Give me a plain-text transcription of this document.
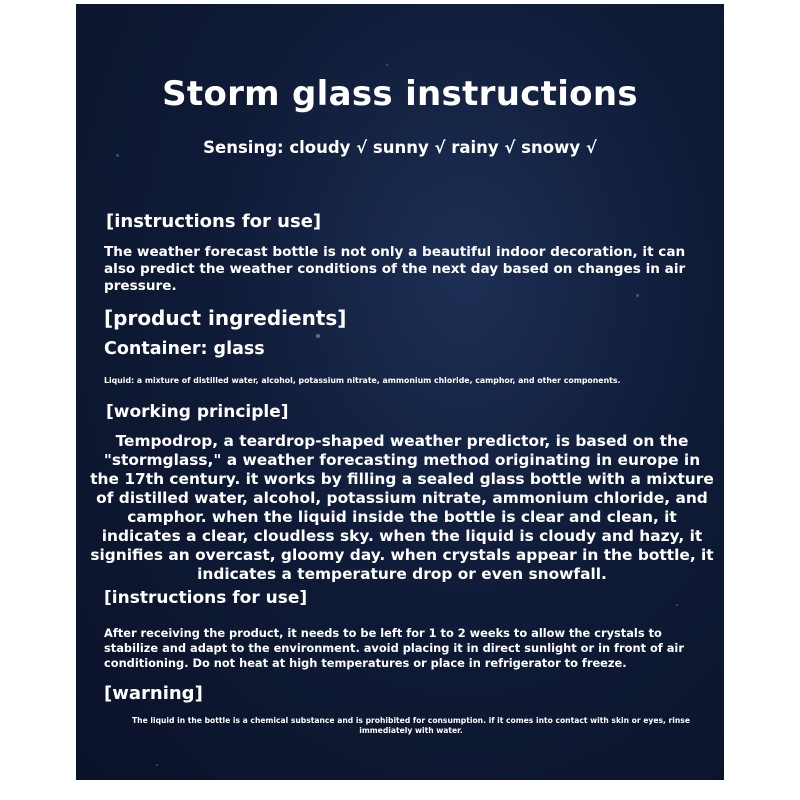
Storm glass instructions
Sensing: cloudy √ sunny √ rainy √ snowy √
[instructions for use]
The weather forecast bottle is not only a beautiful indoor decoration, it can also predict the weather conditions of the next day based on changes in air pressure.
[product ingredients]
Container: glass
Liquid: a mixture of distilled water, alcohol, potassium nitrate, ammonium chloride, camphor, and other components.
[working principle]
Tempodrop, a teardrop-shaped weather predictor, is based on the "stormglass," a weather forecasting method originating in europe in the 17th century. it works by filling a sealed glass bottle with a mixture of distilled water, alcohol, potassium nitrate, ammonium chloride, and camphor. when the liquid inside the bottle is clear and clean, it indicates a clear, cloudless sky. when the liquid is cloudy and hazy, it signifies an overcast, gloomy day. when crystals appear in the bottle, it indicates a temperature drop or even snowfall.
[instructions for use]
After receiving the product, it needs to be left for 1 to 2 weeks to allow the crystals to stabilize and adapt to the environment. avoid placing it in direct sunlight or in front of air conditioning. Do not heat at high temperatures or place in refrigerator to freeze.
[warning]
The liquid in the bottle is a chemical substance and is prohibited for consumption. if it comes into contact with skin or eyes, rinse immediately with water.
